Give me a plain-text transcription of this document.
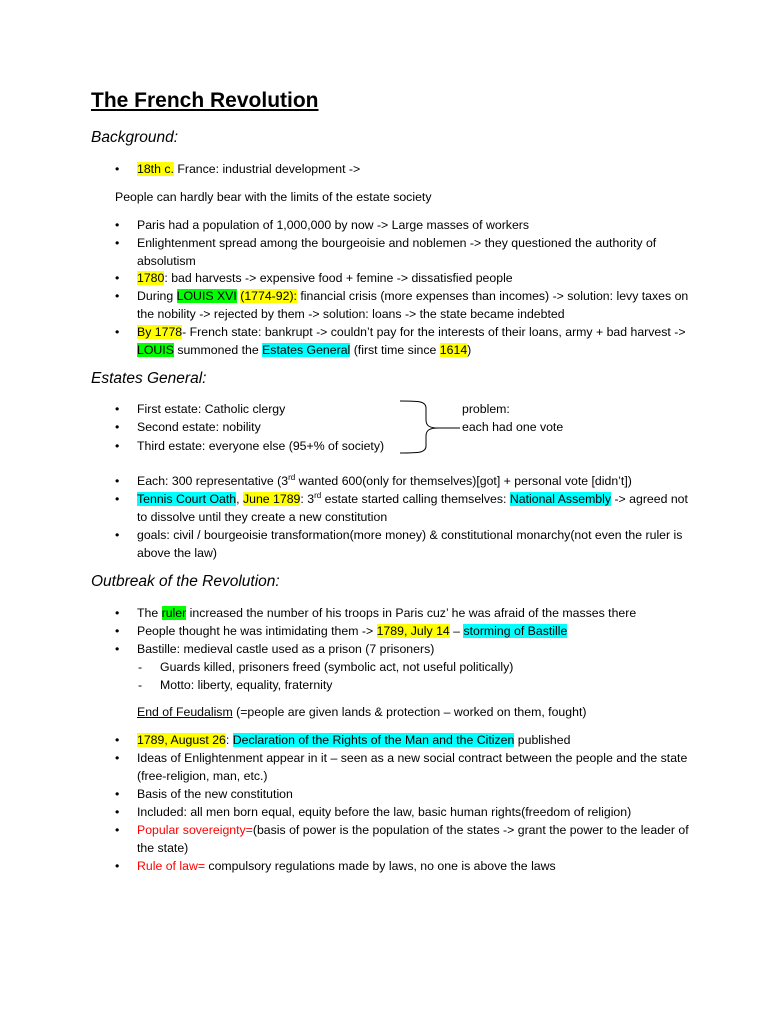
The French Revolution
Background:
• 18th c. France: industrial development ->
People can hardly bear with the limits of the estate society
• Paris had a population of 1,000,000 by now -> Large masses of workers
• Enlightenment spread among the bourgeoisie and noblemen -> they questioned the authority of absolutism
• 1780: bad harvests -> expensive food + femine -> dissatisfied people
• During LOUIS XVI (1774-92): financial crisis (more expenses than incomes) -> solution: levy taxes on the nobility -> rejected by them -> solution: loans -> the state became indebted
• By 1778- French state: bankrupt -> couldn’t pay for the interests of their loans, army + bad harvest -> LOUIS summoned the Estates General (first time since 1614)
Estates General:
• First estate: Catholic clergy
• Second estate: nobility
• Third estate: everyone else (95+% of society)
problem:
each had one vote
• Each: 300 representative (3rd wanted 600(only for themselves)[got] + personal vote [didn’t])
• Tennis Court Oath, June 1789: 3rd estate started calling themselves: National Assembly -> agreed not to dissolve until they create a new constitution
• goals: civil / bourgeoisie transformation(more money) & constitutional monarchy(not even the ruler is above the law)
Outbreak of the Revolution:
• The ruler increased the number of his troops in Paris cuz’ he was afraid of the masses there
• People thought he was intimidating them -> 1789, July 14 – storming of Bastille
• Bastille: medieval castle used as a prison (7 prisoners)
- Guards killed, prisoners freed (symbolic act, not useful politically)
- Motto: liberty, equality, fraternity
End of Feudalism (=people are given lands & protection – worked on them, fought)
• 1789, August 26: Declaration of the Rights of the Man and the Citizen published
• Ideas of Enlightenment appear in it – seen as a new social contract between the people and the state (free-religion, man, etc.)
• Basis of the new constitution
• Included: all men born equal, equity before the law, basic human rights(freedom of religion)
• Popular sovereignty=(basis of power is the population of the states -> grant the power to the leader of the state)
• Rule of law= compulsory regulations made by laws, no one is above the laws
